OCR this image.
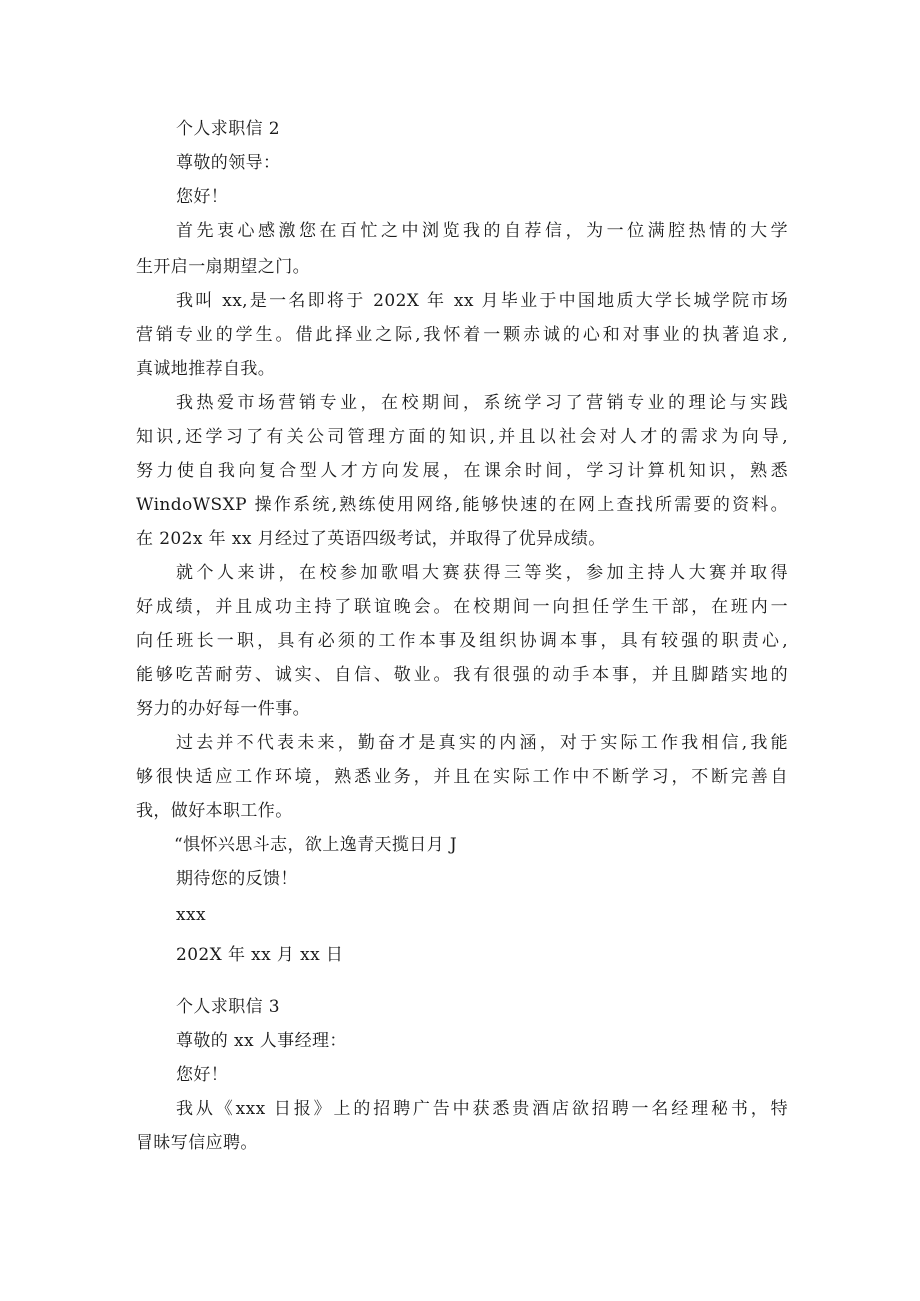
个人求职信 2
尊敬的领导：
您好！
首先衷心感激您在百忙之中浏览我的自荐信，为一位满腔热情的大学
生开启一扇期望之门。
我叫 xx,是一名即将于 202X 年 xx 月毕业于中国地质大学长城学院市场
营销专业的学生。借此择业之际,我怀着一颗赤诚的心和对事业的执著追求,
真诚地推荐自我。
我热爱市场营销专业，在校期间，系统学习了营销专业的理论与实践
知识,还学习了有关公司管理方面的知识,并且以社会对人才的需求为向导,
努力使自我向复合型人才方向发展，在课余时间，学习计算机知识，熟悉
WindoWSXP 操作系统,熟练使用网络,能够快速的在网上查找所需要的资料。
在 202x 年 xx 月经过了英语四级考试，并取得了优异成绩。
就个人来讲，在校参加歌唱大赛获得三等奖，参加主持人大赛并取得
好成绩，并且成功主持了联谊晚会。在校期间一向担任学生干部，在班内一
向任班长一职，具有必须的工作本事及组织协调本事，具有较强的职责心,
能够吃苦耐劳、诚实、自信、敬业。我有很强的动手本事，并且脚踏实地的
努力的办好每一件事。
过去并不代表未来，勤奋才是真实的内涵，对于实际工作我相信,我能
够很快适应工作环境，熟悉业务，并且在实际工作中不断学习，不断完善自
我，做好本职工作。
“惧怀兴思斗志，欲上逸青天揽日月 J
期待您的反馈！
xxx
202X 年 xx 月 xx 日
个人求职信 3
尊敬的 xx 人事经理：
您好！
我从《xxx 日报》上的招聘广告中获悉贵酒店欲招聘一名经理秘书，特
冒昧写信应聘。
